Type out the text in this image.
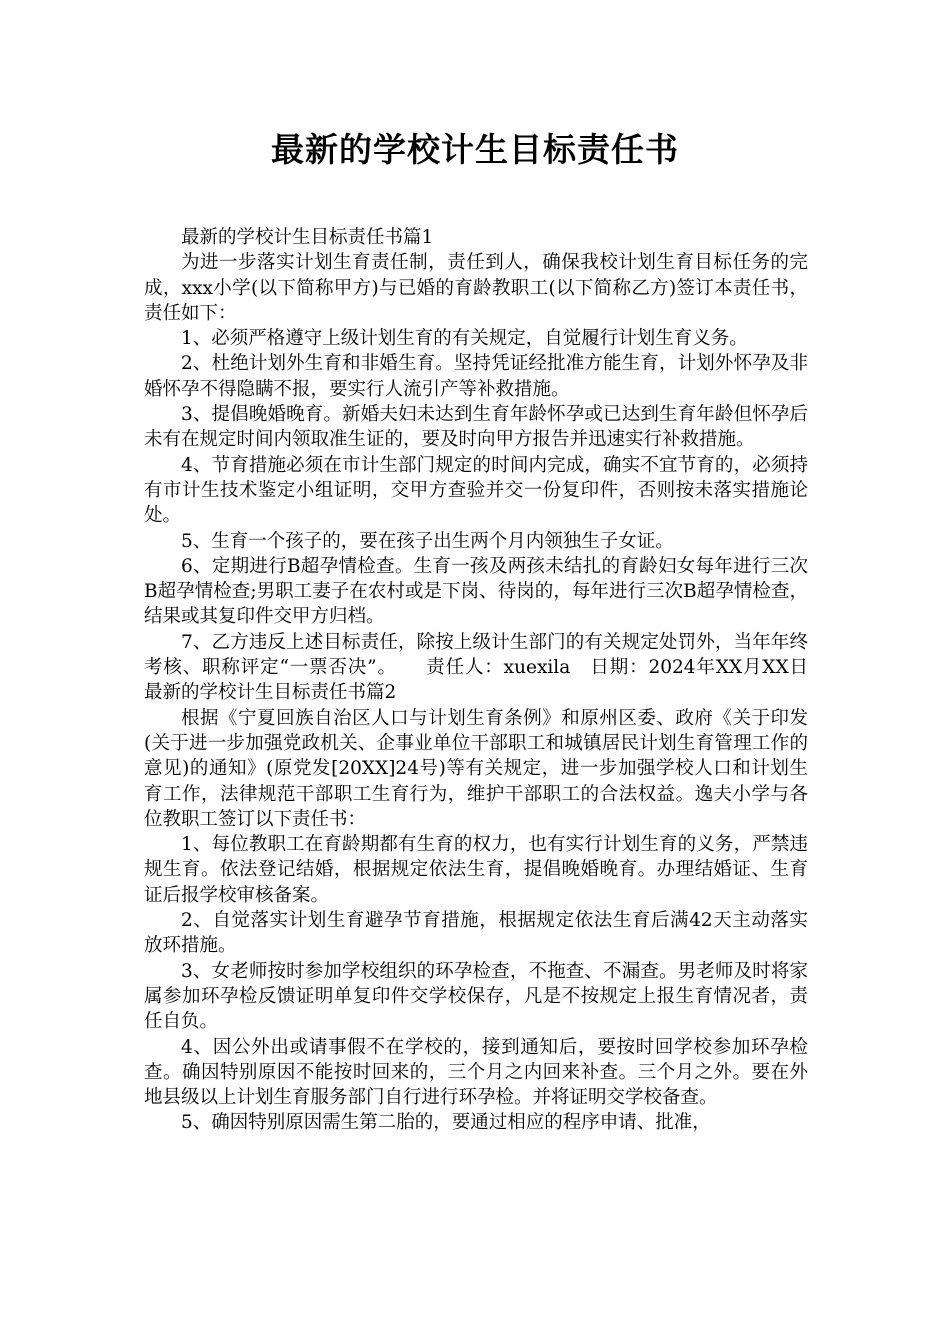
最新的学校计生目标责任书

最新的学校计生目标责任书篇1

为进一步落实计划生育责任制，责任到人，确保我校计划生育目标任务的完成，xxx小学(以下简称甲方)与已婚的育龄教职工(以下简称乙方)签订本责任书，责任如下：

1、必须严格遵守上级计划生育的有关规定，自觉履行计划生育义务。

2、杜绝计划外生育和非婚生育。坚持凭证经批准方能生育，计划外怀孕及非婚怀孕不得隐瞒不报，要实行人流引产等补救措施。

3、提倡晚婚晚育。新婚夫妇未达到生育年龄怀孕或已达到生育年龄但怀孕后未有在规定时间内领取准生证的，要及时向甲方报告并迅速实行补救措施。

4、节育措施必须在市计生部门规定的时间内完成，确实不宜节育的，必须持有市计生技术鉴定小组证明，交甲方查验并交一份复印件，否则按未落实措施论处。

5、生育一个孩子的，要在孩子出生两个月内领独生子女证。

6、定期进行B超孕情检查。生育一孩及两孩未结扎的育龄妇女每年进行三次B超孕情检查;男职工妻子在农村或是下岗、待岗的，每年进行三次B超孕情检查，结果或其复印件交甲方归档。

7、乙方违反上述目标责任，除按上级计生部门的有关规定处罚外，当年年终考核、职称评定“一票否决”。　　责任人：xuexila　日期：2024年XX月XX日　　最新的学校计生目标责任书篇2

根据《宁夏回族自治区人口与计划生育条例》和原州区委、政府《关于印发(关于进一步加强党政机关、企事业单位干部职工和城镇居民计划生育管理工作的意见)的通知》(原党发[20XX]24号)等有关规定，进一步加强学校人口和计划生育工作，法律规范干部职工生育行为，维护干部职工的合法权益。逸夫小学与各位教职工签订以下责任书：

1、每位教职工在育龄期都有生育的权力，也有实行计划生育的义务，严禁违规生育。依法登记结婚，根据规定依法生育，提倡晚婚晚育。办理结婚证、生育证后报学校审核备案。

2、自觉落实计划生育避孕节育措施，根据规定依法生育后满42天主动落实放环措施。

3、女老师按时参加学校组织的环孕检查，不拖查、不漏查。男老师及时将家属参加环孕检反馈证明单复印件交学校保存，凡是不按规定上报生育情况者，责任自负。

4、因公外出或请事假不在学校的，接到通知后，要按时回学校参加环孕检查。确因特别原因不能按时回来的，三个月之内回来补查。三个月之外。要在外地县级以上计划生育服务部门自行进行环孕检。并将证明交学校备查。

5、确因特别原因需生第二胎的，要通过相应的程序申请、批准，
